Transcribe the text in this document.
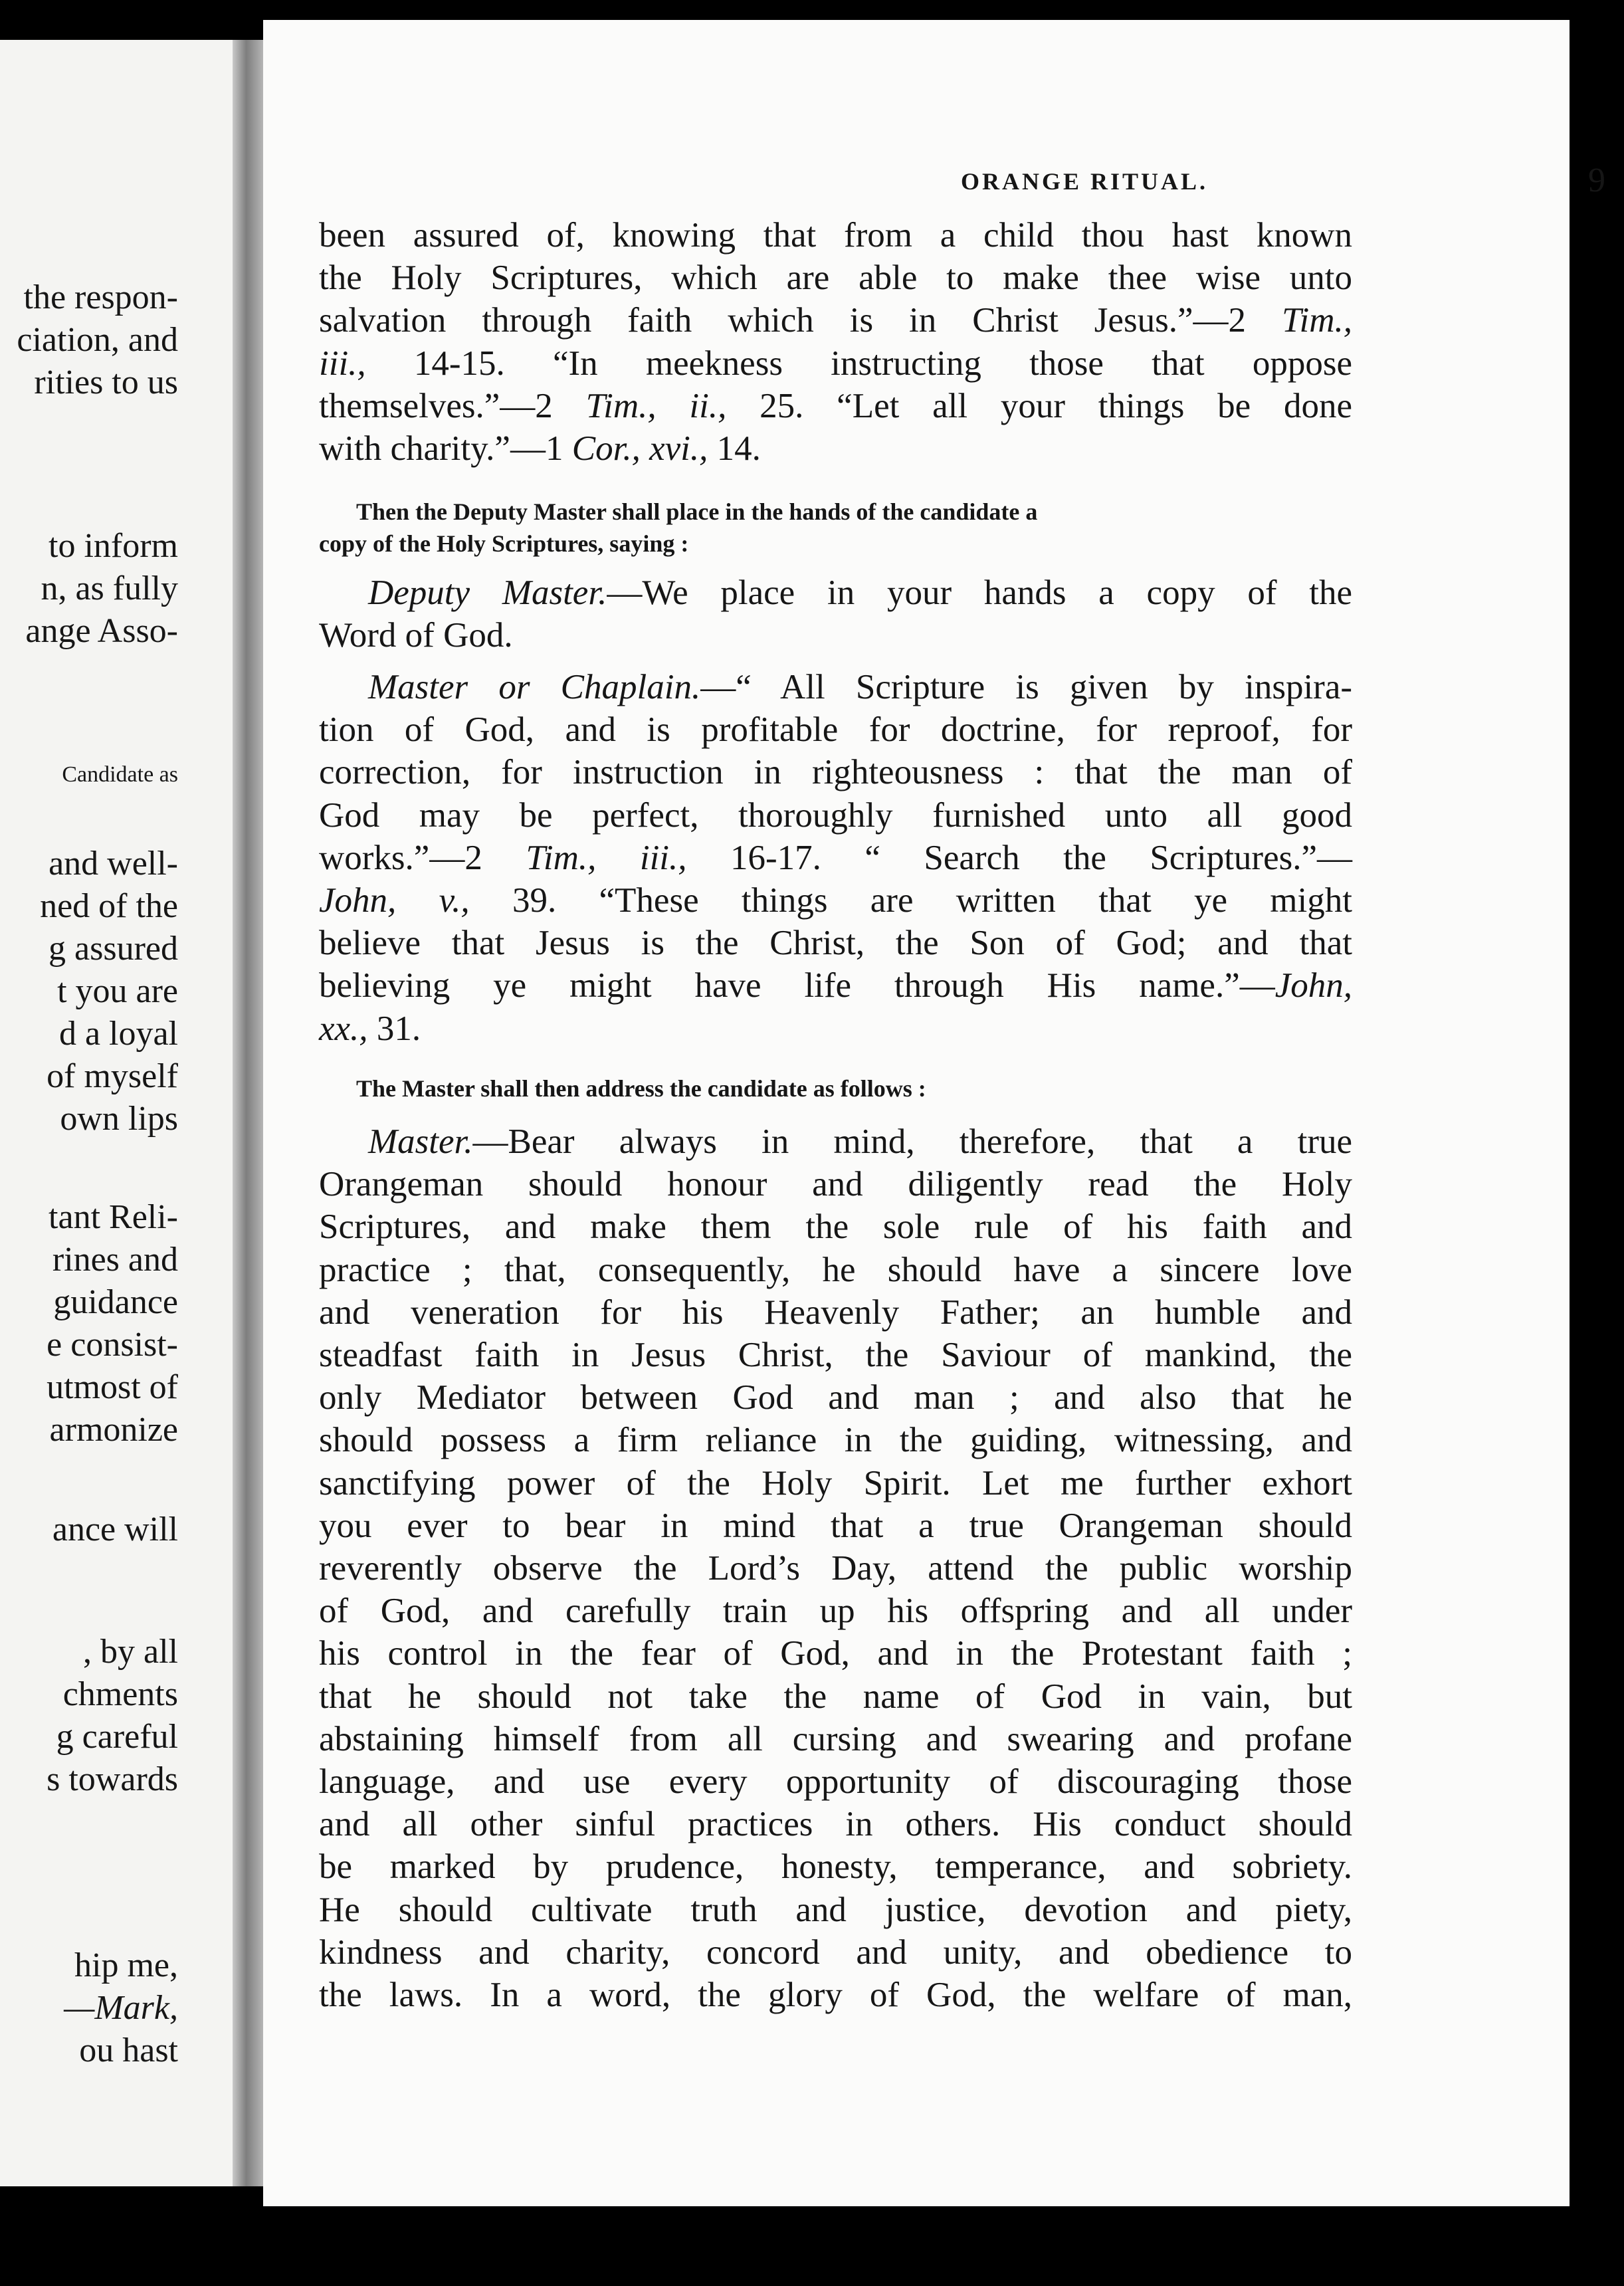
the respon-
ciation, and
rities to us
to inform
n, as fully
ange Asso-
Candidate as
and well-
ned of the
g assured
t you are
d a loyal
of myself
own lips
tant Reli-
rines and
guidance
e consist-
utmost of
armonize
ance will
, by all
chments
g careful
s towards
hip me,
—Mark,
ou hast
ORANGE RITUAL.	9
been assured of, knowing that from a child thou hast known
the Holy Scriptures, which are able to make thee wise unto
salvation through faith which is in Christ Jesus.”—2 Tim.,
iii., 14-15. “In meekness instructing those that oppose
themselves.”—2 Tim., ii., 25. “Let all your things be done
with charity.”—1 Cor., xvi., 14.
Then the Deputy Master shall place in the hands of the candidate a
copy of the Holy Scriptures, saying :
Deputy Master.—We place in your hands a copy of the
Word of God.
Master or Chaplain.—“ All Scripture is given by inspira-
tion of God, and is profitable for doctrine, for reproof, for
correction, for instruction in righteousness : that the man of
God may be perfect, thoroughly furnished unto all good
works.”—2 Tim., iii., 16-17. “ Search the Scriptures.”—
John, v., 39. “These things are written that ye might
believe that Jesus is the Christ, the Son of God; and that
believing ye might have life through His name.”—John,
xx., 31.
The Master shall then address the candidate as follows :
Master.—Bear always in mind, therefore, that a true
Orangeman should honour and diligently read the Holy
Scriptures, and make them the sole rule of his faith and
practice ; that, consequently, he should have a sincere love
and veneration for his Heavenly Father; an humble and
steadfast faith in Jesus Christ, the Saviour of mankind, the
only Mediator between God and man ; and also that he
should possess a firm reliance in the guiding, witnessing, and
sanctifying power of the Holy Spirit. Let me further exhort
you ever to bear in mind that a true Orangeman should
reverently observe the Lord’s Day, attend the public worship
of God, and carefully train up his offspring and all under
his control in the fear of God, and in the Protestant faith ;
that he should not take the name of God in vain, but
abstaining himself from all cursing and swearing and profane
language, and use every opportunity of discouraging those
and all other sinful practices in others. His conduct should
be marked by prudence, honesty, temperance, and sobriety.
He should cultivate truth and justice, devotion and piety,
kindness and charity, concord and unity, and obedience to
the laws. In a word, the glory of God, the welfare of man,
